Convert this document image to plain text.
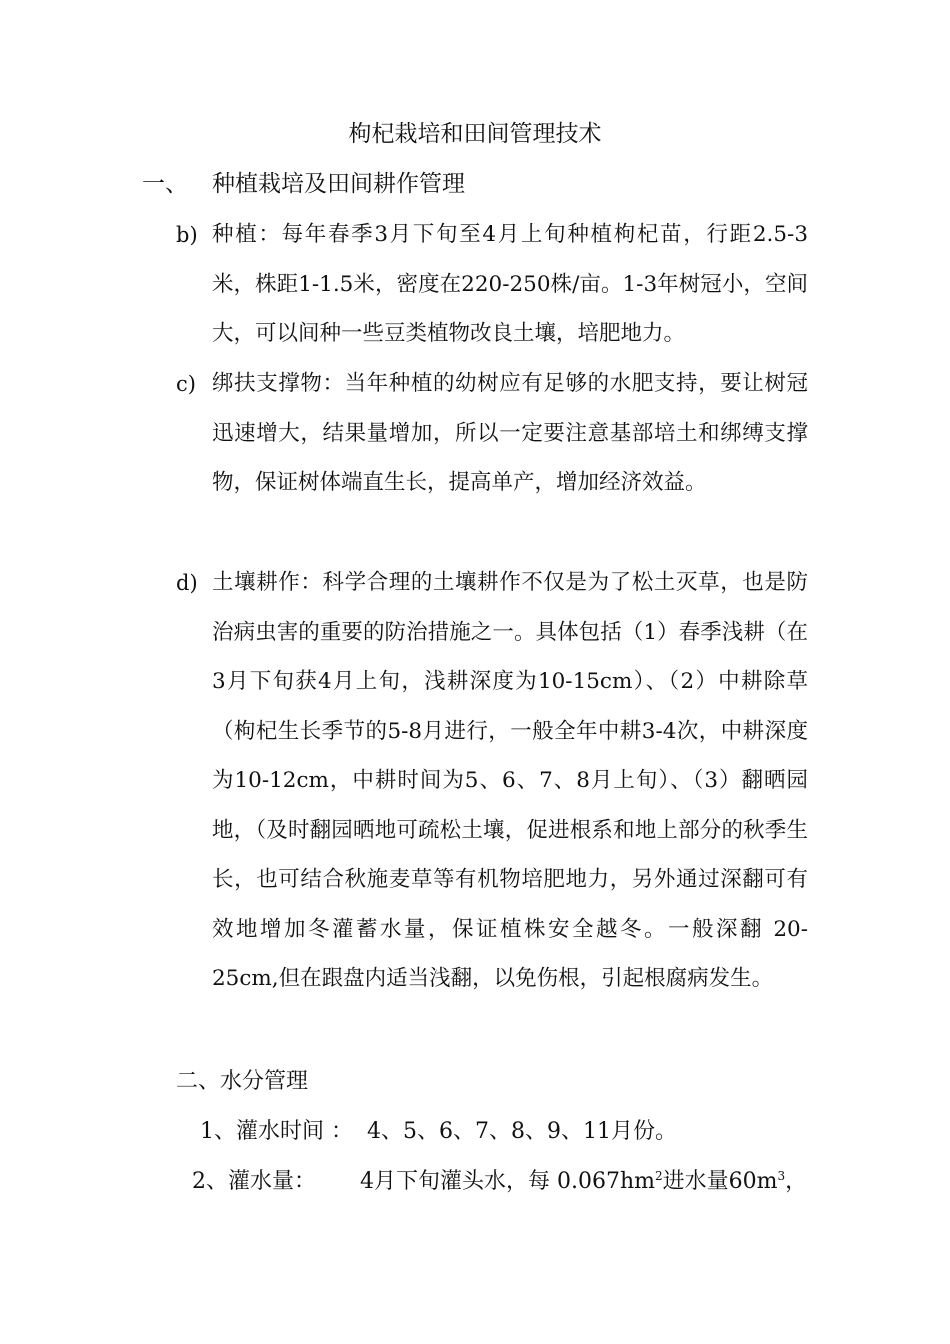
枸杞栽培和田间管理技术
一、 种植栽培及田间耕作管理
b) 种植：每年春季3月下旬至4月上旬种植枸杞苗，行距2.5-3米，株距1-1.5米，密度在220-250株/亩。1-3年树冠小，空间大，可以间种一些豆类植物改良土壤，培肥地力。
c) 绑扶支撑物：当年种植的幼树应有足够的水肥支持，要让树冠迅速增大，结果量增加，所以一定要注意基部培土和绑缚支撑物，保证树体端直生长，提高单产，增加经济效益。
d) 土壤耕作：科学合理的土壤耕作不仅是为了松土灭草，也是防治病虫害的重要的防治措施之一。具体包括（1）春季浅耕（在3月下旬获4月上旬，浅耕深度为10-15cm）、（2）中耕除草（枸杞生长季节的5-8月进行，一般全年中耕3-4次，中耕深度为10-12cm，中耕时间为5、6、7、8月上旬）、（3）翻晒园地，（及时翻园晒地可疏松土壤，促进根系和地上部分的秋季生长，也可结合秋施麦草等有机物培肥地力，另外通过深翻可有效地增加冬灌蓄水量，保证植株安全越冬。一般深翻 20-25cm,但在跟盘内适当浅翻，以免伤根，引起根腐病发生。
二、水分管理
1、灌水时间 ： 4、5、6、7、8、9、11月份。
2、灌水量： 4月下旬灌头水，每 $0.067hm^2$进水量$60m^3$，
